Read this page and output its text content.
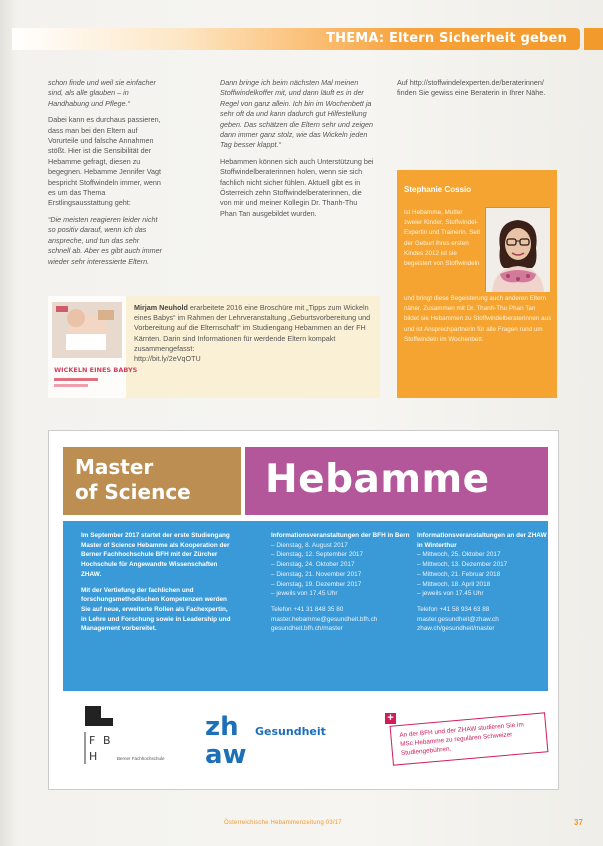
THEMA: Eltern Sicherheit geben

schon finde und weil sie einfacher sind, als alle glauben – in Handhabung und Pflege.“

Dabei kann es durchaus passieren, dass man bei den Eltern auf Vorurteile und falsche Annahmen stößt. Hier ist die Sensibilität der Hebamme gefragt, diesen zu begegnen. Hebamme Jennifer Vagt bespricht Stoffwindeln immer, wenn es um das Thema Erstlingsausstattung geht:

“Die meisten reagieren leider nicht so positiv darauf, wenn ich das anspreche, und tun das sehr schnell ab. Aber es gibt auch immer wieder sehr interessierte Eltern.

Dann bringe ich beim nächsten Mal meinen Stoffwindelkoffer mit, und dann läuft es in der Regel von ganz allein. Ich bin im Wochenbett ja sehr oft da und kann dadurch gut Hilfestellung geben. Das schätzen die Eltern sehr und zeigen dann immer ganz stolz, wie das Wickeln jeden Tag besser klappt.“

Hebammen können sich auch Unterstützung bei Stoffwindelberaterinnen holen, wenn sie sich fachlich nicht sicher fühlen. Aktuell gibt es in Österreich zehn Stoffwindelberaterinnen, die von mir und meiner Kollegin Dr. Thanh-Thu Phan Tan ausgebildet wurden.

Auf http://stoffwindelexperten.de/beraterinnen/ finden Sie gewiss eine Beraterin in Ihrer Nähe.

Stephanie Cossio
ist Hebamme, Mutter zweier Kinder, Stoffwindel-Expertin und Trainerin. Seit der Geburt ihres ersten Kindes 2012 ist sie begeistert von Stoffwindeln
und bringt diese Begeisterung auch anderen Eltern näher. Zusammen mit Dr. Thanh-Thu Phan Tan bildet sie Hebammen zu Stoffwindelberaterinnen aus und ist Ansprechpartnerin für alle Fragen rund um Stoffwindeln im Wochenbett.
WICKELN EINES BABYS
Mirjam Neuhold erarbeitete 2016 eine Broschüre mit „Tipps zum Wickeln eines Babys“ im Rahmen der Lehrveranstaltung „Geburtsvorbereitung und Vorbereitung auf die Elternschaft“ im Studiengang Hebammen an der FH Kärnten. Darin sind Informationen für werdende Eltern kompakt zusammengefasst:
http://bit.ly/2eVqOTU
Master
of Science Hebamme

Im September 2017 startet der erste Studiengang Master of Science Hebamme als Kooperation der Berner Fachhochschule BFH mit der Zürcher Hochschule für Angewandte Wissenschaften ZHAW.

Mit der Vertiefung der fachlichen und forschungsmethodischen Kompetenzen werden Sie auf neue, erweiterte Rollen als Fachexpertin, in Lehre und Forschung sowie in Leadership und Management vorbereitet.

Informationsveranstaltungen der BFH in Bern
– Dienstag, 8. August 2017
– Dienstag, 12. September 2017
– Dienstag, 24. Oktober 2017
– Dienstag, 21. November 2017
– Dienstag, 19. Dezember 2017
– jeweils von 17.45 Uhr
Telefon +41 31 848 35 80
master.hebamme@gesundheit.bfh.ch
gesundheit.bfh.ch/master
Informationsveranstaltungen an der ZHAW in Winterthur
– Mittwoch, 25. Oktober 2017
– Mittwoch, 13. Dezember 2017
– Mittwoch, 21. Februar 2018
– Mittwoch, 18. April 2018
– jeweils von 17.45 Uhr
Telefon +41 58 934 63 88
master.gesundheit@zhaw.ch
zhaw.ch/gesundheit/master
F B
H	Berner Fachhochschule
zh
aw
Gesundheit
+
An der BFH und der ZHAW studieren Sie im MSc Hebamme zu regulären Schweizer Studiengebühren.
Österreichische Hebammenzeitung 03/17	37
